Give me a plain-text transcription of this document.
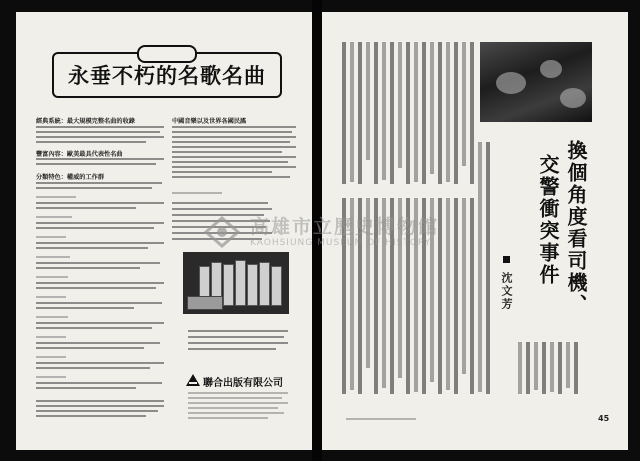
永垂不朽的名歌名曲
經典系統：最大規模完整名曲的收錄	中國音樂以及世界各國民謠
豐富內容：歐美最具代表性名曲
分類特色：權威的工作群
聯合出版有限公司
換個角度看司機、
交警衝突事件
沈文芳
45
高雄市立歷史博物館
KAOHSIUNG MUSEUM OF HISTORY
